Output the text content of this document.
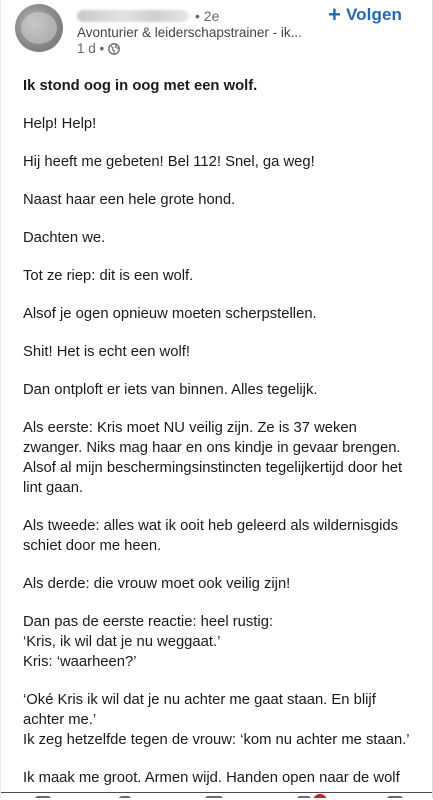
• 2e
Avonturier & leiderschapstrainer - ik...
1 d •
+ Volgen

Ik stond oog in oog met een wolf.

Help! Help!

Hij heeft me gebeten! Bel 112! Snel, ga weg!

Naast haar een hele grote hond.

Dachten we.

Tot ze riep: dit is een wolf.

Alsof je ogen opnieuw moeten scherpstellen.

Shit! Het is echt een wolf!

Dan ontploft er iets van binnen. Alles tegelijk.

Als eerste: Kris moet NU veilig zijn. Ze is 37 weken zwanger. Niks mag haar en ons kindje in gevaar brengen. Alsof al mijn beschermingsinstincten tegelijkertijd door het lint gaan.

Als tweede: alles wat ik ooit heb geleerd als wildernisgids schiet door me heen.

Als derde: die vrouw moet ook veilig zijn!

Dan pas de eerste reactie: heel rustig:

‘Kris, ik wil dat je nu weggaat.’

Kris: ‘waarheen?’

‘Oké Kris ik wil dat je nu achter me gaat staan. En blijf achter me.’

Ik zeg hetzelfde tegen de vrouw: ‘kom nu achter me staan.’

Ik maak me groot. Armen wijd. Handen open naar de wolf
